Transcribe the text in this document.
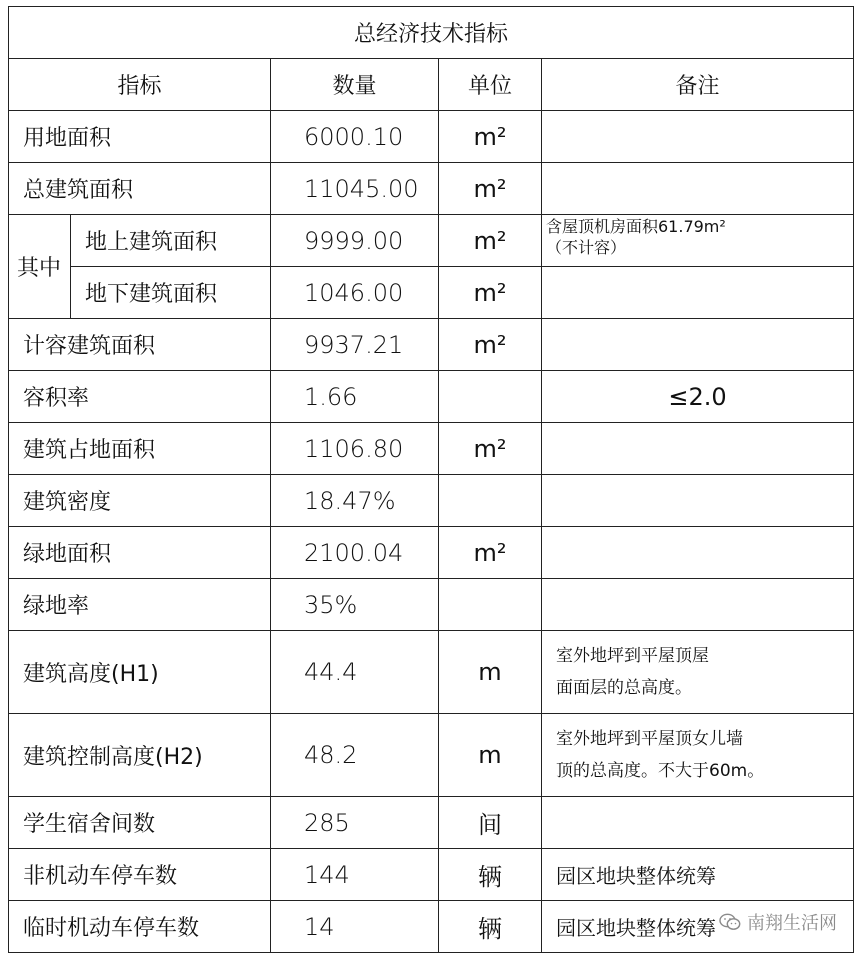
总经济技术指标				
指标		数量	单位	备注
用地面积		6000.10	m²	
总建筑面积		11045.00	m²	
其中	地上建筑面积	9999.00	m²	含屋顶机房面积61.79m²
（不计容）

	地下建筑面积	1046.00	m²	
计容建筑面积		9937.21	m²	
容积率		1.66		≤2.0
建筑占地面积		1106.80	m²	
建筑密度		18.47%		
绿地面积		2100.04	m²	
绿地率		35%		
建筑高度(H1)		44.4	m	室外地坪到平屋顶屋
面面层的总高度。

建筑控制高度(H2)		48.2	m	室外地坪到平屋顶女儿墙
顶的总高度。不大于60m。

学生宿舍间数		285	间	
非机动车停车数		144	辆	园区地块整体统筹
临时机动车停车数		14	辆	园区地块整体统筹 南翔生活网
